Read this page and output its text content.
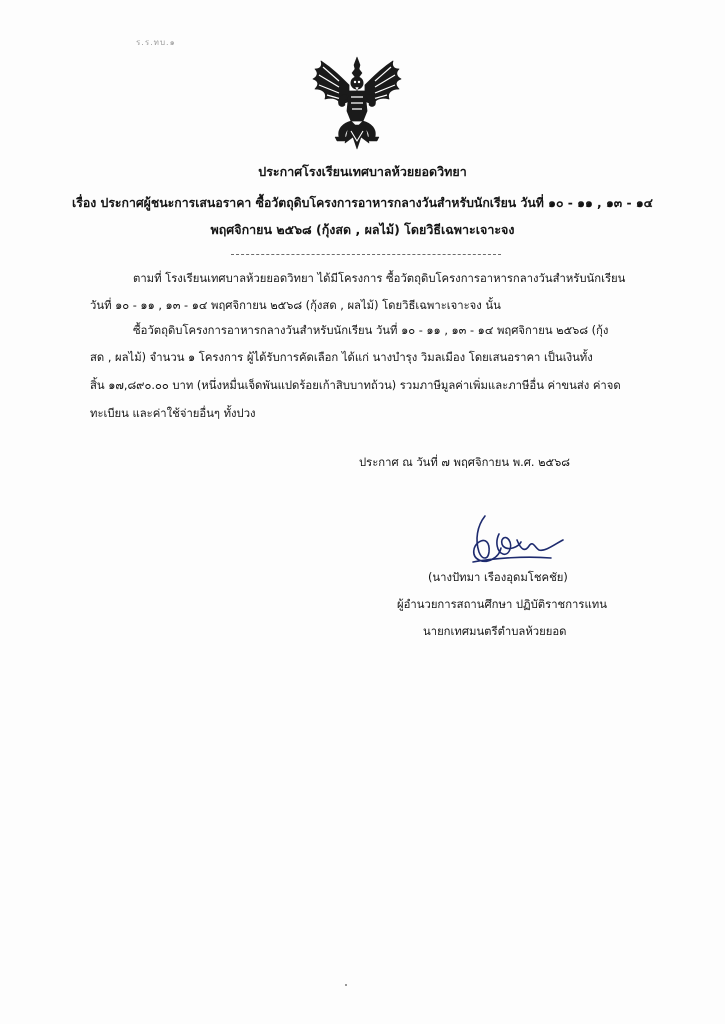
ร.ร.ทบ.๑
ประกาศโรงเรียนเทศบาลห้วยยอดวิทยา
เรื่อง ประกาศผู้ชนะการเสนอราคา ซื้อวัตถุดิบโครงการอาหารกลางวันสำหรับนักเรียน วันที่ ๑๐ - ๑๑ , ๑๓ - ๑๔
พฤศจิกายน ๒๕๖๘ (กุ้งสด , ผลไม้) โดยวิธีเฉพาะเจาะจง
ตามที่ โรงเรียนเทศบาลห้วยยอดวิทยา ได้มีโครงการ ซื้อวัตถุดิบโครงการอาหารกลางวันสำหรับนักเรียน
วันที่ ๑๐ - ๑๑ , ๑๓ - ๑๔ พฤศจิกายน ๒๕๖๘ (กุ้งสด , ผลไม้) โดยวิธีเฉพาะเจาะจง นั้น
ซื้อวัตถุดิบโครงการอาหารกลางวันสำหรับนักเรียน วันที่ ๑๐ - ๑๑ , ๑๓ - ๑๔ พฤศจิกายน ๒๕๖๘ (กุ้ง
สด , ผลไม้) จำนวน ๑ โครงการ ผู้ได้รับการคัดเลือก ได้แก่ นางบำรุง วิมลเมือง โดยเสนอราคา เป็นเงินทั้ง
สิ้น ๑๗,๘๙๐.๐๐ บาท (หนึ่งหมื่นเจ็ดพันแปดร้อยเก้าสิบบาทถ้วน) รวมภาษีมูลค่าเพิ่มและภาษีอื่น ค่าขนส่ง ค่าจด
ทะเบียน และค่าใช้จ่ายอื่นๆ ทั้งปวง
ประกาศ ณ วันที่ ๗ พฤศจิกายน พ.ศ. ๒๕๖๘
(นางปัทมา เรืองอุดมโชคชัย)
ผู้อำนวยการสถานศึกษา ปฏิบัติราชการแทน
นายกเทศมนตรีตำบลห้วยยอด
